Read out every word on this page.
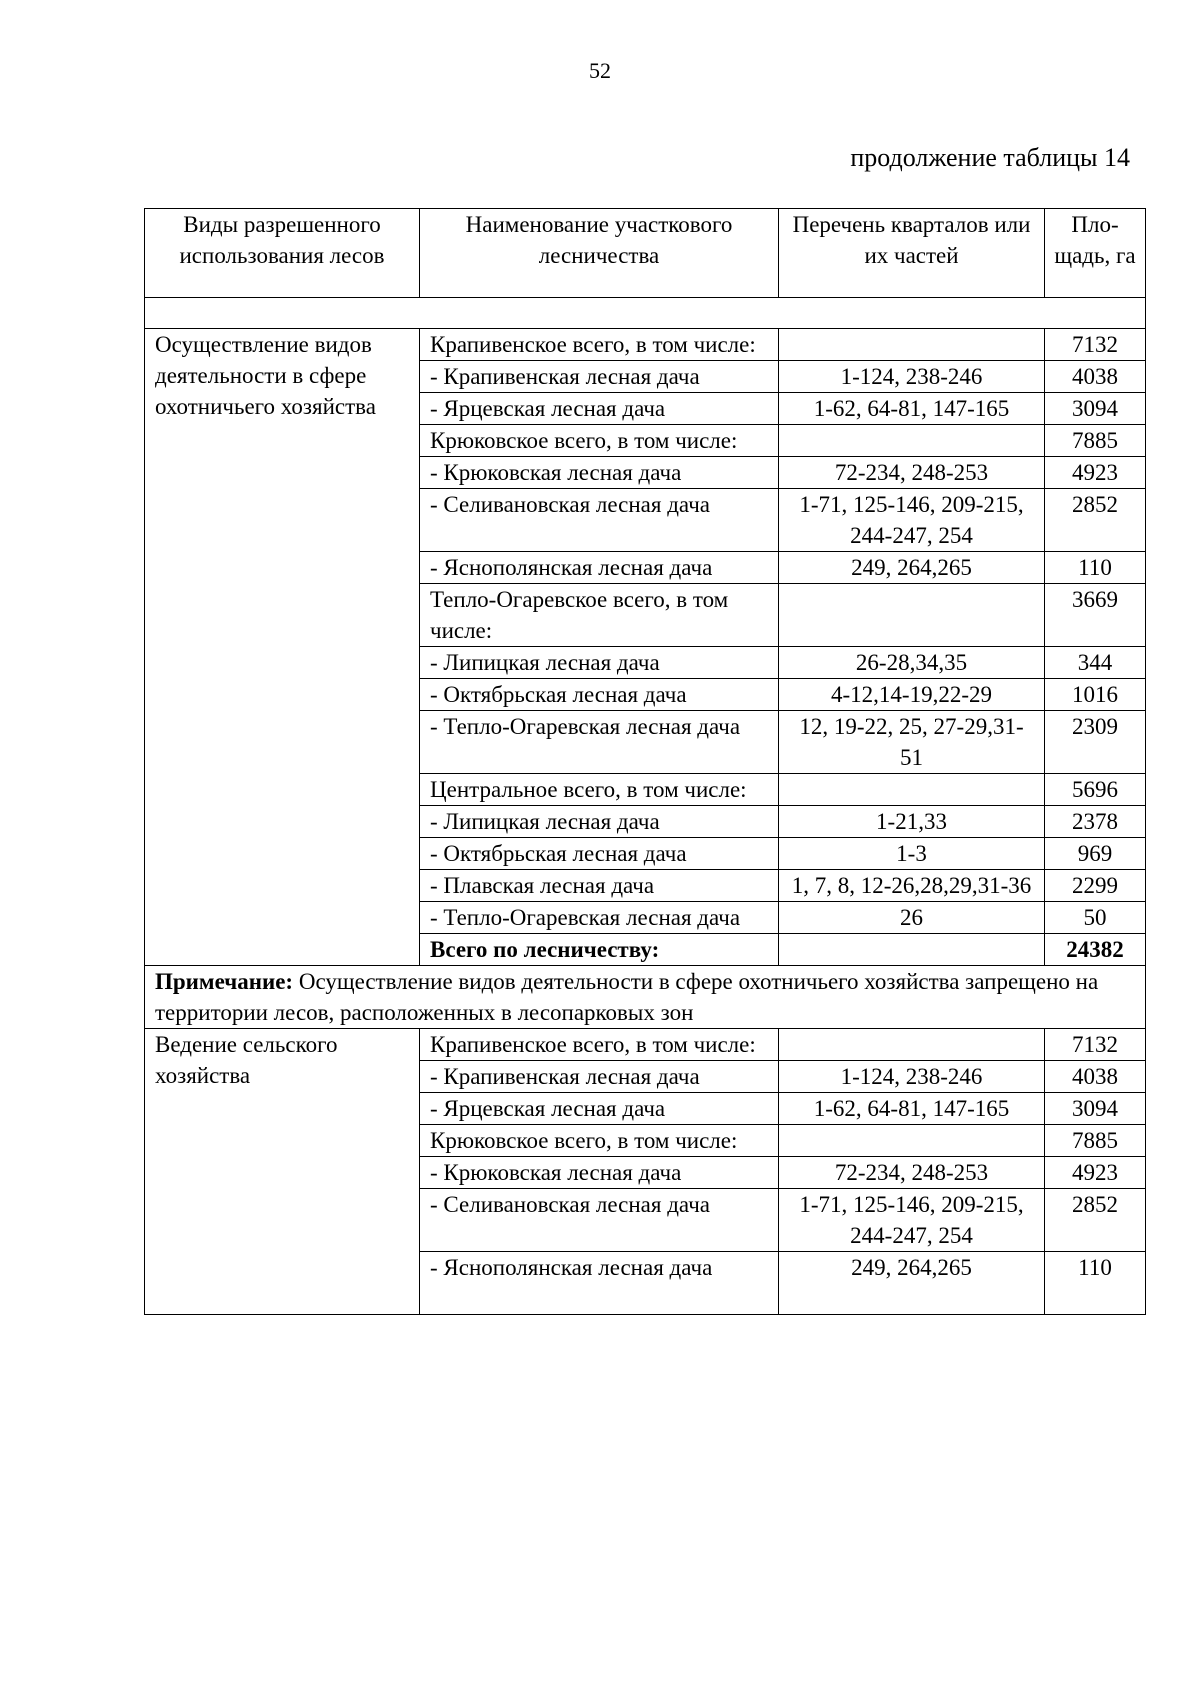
52
продолжение таблицы 14
Виды разрешенного использования лесов	Наименование участкового лесничества	Перечень кварталов или их частей	Пло-щадь, га

Осуществление видов деятельности в сфере охотничьего хозяйства	Крапивенское всего, в том числе:		7132
	- Крапивенская лесная дача	1-124, 238-246	4038
	- Ярцевская лесная дача	1-62, 64-81, 147-165	3094
	Крюковское всего, в том числе:		7885
	- Крюковская лесная дача	72-234, 248-253	4923
	- Селивановская лесная дача	1-71, 125-146, 209-215, 244-247, 254	2852
	- Яснополянская лесная дача	249, 264,265	110
	Тепло-Огаревское всего, в том числе:		3669
	- Липицкая лесная дача	26-28,34,35	344
	- Октябрьская лесная дача	4-12,14-19,22-29	1016
	- Тепло-Огаревская лесная дача	12, 19-22, 25, 27-29,31-51	2309
	Центральное всего, в том числе:		5696
	- Липицкая лесная дача	1-21,33	2378
	- Октябрьская лесная дача	1-3	969
	- Плавская лесная дача	1, 7, 8, 12-26,28,29,31-36	2299
	- Тепло-Огаревская лесная дача	26	50
	Всего по лесничеству:		24382
Примечание: Осуществление видов деятельности в сфере охотничьего хозяйства запрещено на территории лесов, расположенных в лесопарковых зон			
Ведение сельского хозяйства	Крапивенское всего, в том числе:		7132
	- Крапивенская лесная дача	1-124, 238-246	4038
	- Ярцевская лесная дача	1-62, 64-81, 147-165	3094
	Крюковское всего, в том числе:		7885
	- Крюковская лесная дача	72-234, 248-253	4923
	- Селивановская лесная дача	1-71, 125-146, 209-215, 244-247, 254	2852
	- Яснополянская лесная дача	249, 264,265	110
